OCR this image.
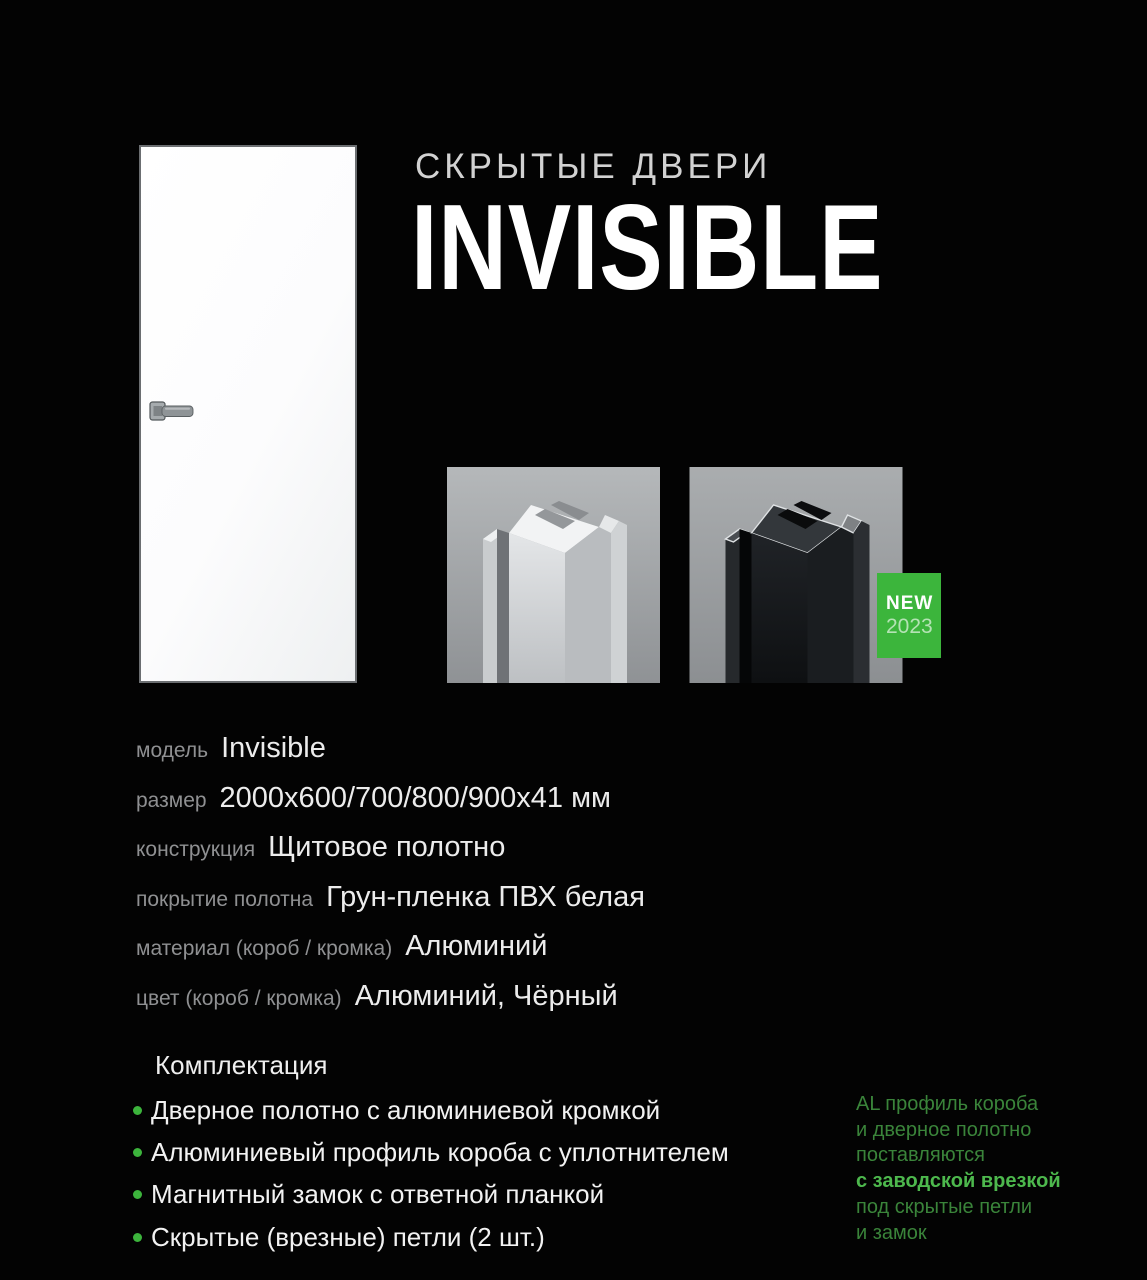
СКРЫТЫЕ ДВЕРИ
INVISIBLE
NEW
2023
модель Invisible
размер 2000x600/700/800/900x41 мм
конструкция Щитовое полотно
покрытие полотна Грун-пленка ПВХ белая
материал (короб / кромка) Алюминий
цвет (короб / кромка) Алюминий, Чёрный
Комплектация
Дверное полотно с алюминиевой кромкой
Алюминиевый профиль короба с уплотнителем
Магнитный замок с ответной планкой
Скрытые (врезные) петли (2 шт.)
AL профиль короба
и дверное полотно
поставляются
с заводской врезкой
под скрытые петли
и замок
